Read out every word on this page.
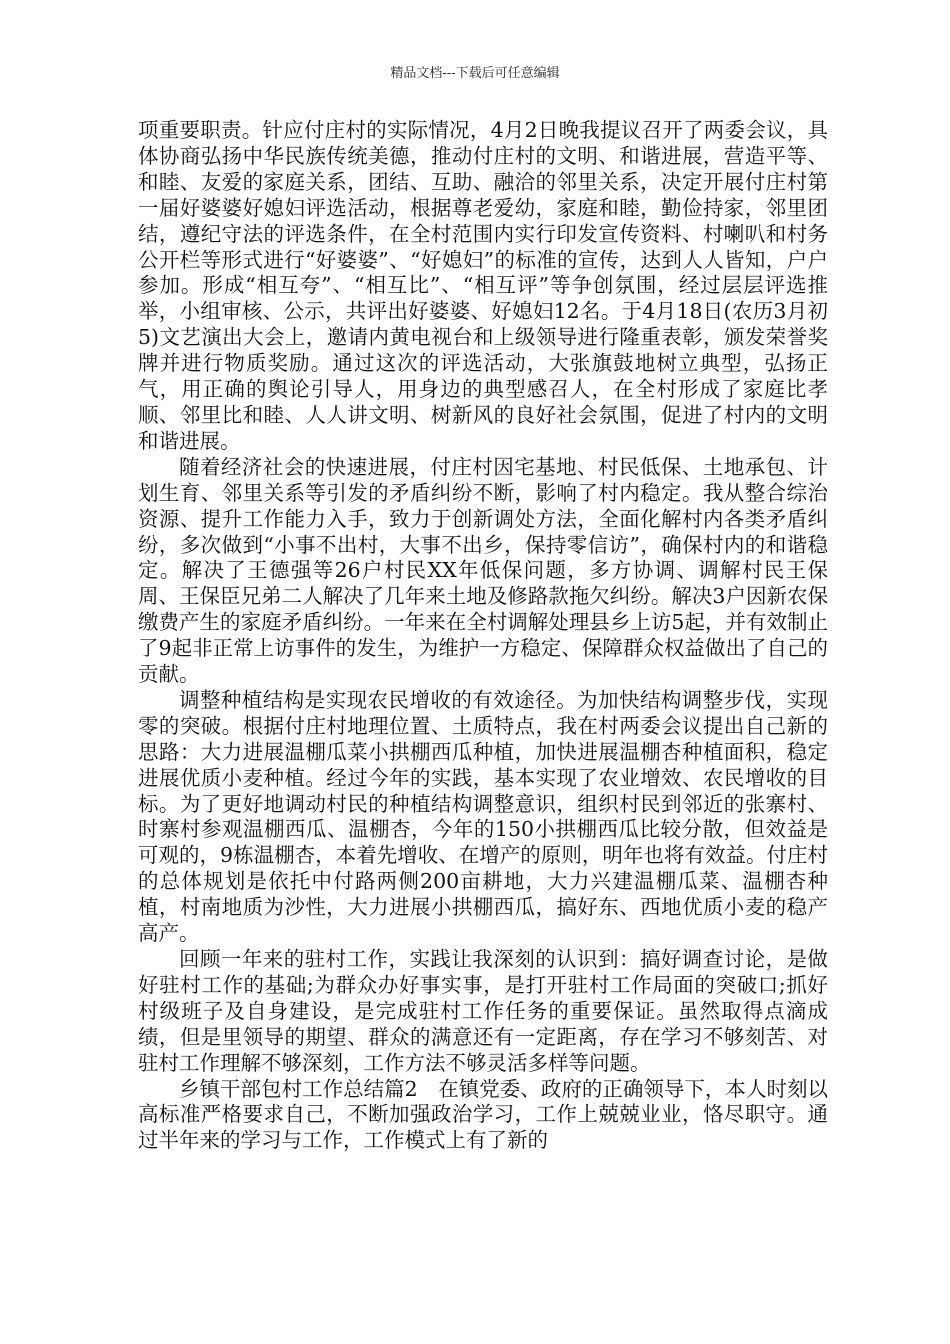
精品文档---下载后可任意编辑

项重要职责。针应付庄村的实际情况，4月2日晚我提议召开了两委会议，具体协商弘扬中华民族传统美德，推动付庄村的文明、和谐进展，营造平等、和睦、友爱的家庭关系，团结、互助、融洽的邻里关系，决定开展付庄村第一届好婆婆好媳妇评选活动，根据尊老爱幼，家庭和睦，勤俭持家，邻里团结，遵纪守法的评选条件，在全村范围内实行印发宣传资料、村喇叭和村务公开栏等形式进行“好婆婆”、“好媳妇”的标准的宣传，达到人人皆知，户户参加。形成“相互夸”、“相互比”、“相互评”等争创氛围，经过层层评选推举，小组审核、公示，共评出好婆婆、好媳妇12名。于4月18日(农历3月初5)文艺演出大会上，邀请内黄电视台和上级领导进行隆重表彰，颁发荣誉奖牌并进行物质奖励。通过这次的评选活动，大张旗鼓地树立典型，弘扬正气，用正确的舆论引导人，用身边的典型感召人，在全村形成了家庭比孝顺、邻里比和睦、人人讲文明、树新风的良好社会氛围，促进了村内的文明和谐进展。

随着经济社会的快速进展，付庄村因宅基地、村民低保、土地承包、计划生育、邻里关系等引发的矛盾纠纷不断，影响了村内稳定。我从整合综治资源、提升工作能力入手，致力于创新调处方法，全面化解村内各类矛盾纠纷，多次做到“小事不出村，大事不出乡，保持零信访”，确保村内的和谐稳定。解决了王德强等26户村民XX年低保问题，多方协调、调解村民王保周、王保臣兄弟二人解决了几年来土地及修路款拖欠纠纷。解决3户因新农保缴费产生的家庭矛盾纠纷。一年来在全村调解处理县乡上访5起，并有效制止了9起非正常上访事件的发生，为维护一方稳定、保障群众权益做出了自己的贡献。

调整种植结构是实现农民增收的有效途径。为加快结构调整步伐，实现零的突破。根据付庄村地理位置、土质特点，我在村两委会议提出自己新的思路：大力进展温棚瓜菜小拱棚西瓜种植，加快进展温棚杏种植面积，稳定进展优质小麦种植。经过今年的实践，基本实现了农业增效、农民增收的目标。为了更好地调动村民的种植结构调整意识，组织村民到邻近的张寨村、时寨村参观温棚西瓜、温棚杏，今年的150小拱棚西瓜比较分散，但效益是可观的，9栋温棚杏，本着先增收、在增产的原则，明年也将有效益。付庄村的总体规划是依托中付路两侧200亩耕地，大力兴建温棚瓜菜、温棚杏种植，村南地质为沙性，大力进展小拱棚西瓜，搞好东、西地优质小麦的稳产高产。

回顾一年来的驻村工作，实践让我深刻的认识到：搞好调查讨论，是做好驻村工作的基础;为群众办好事实事，是打开驻村工作局面的突破口;抓好村级班子及自身建设，是完成驻村工作任务的重要保证。虽然取得点滴成绩，但是里领导的期望、群众的满意还有一定距离，存在学习不够刻苦、对驻村工作理解不够深刻，工作方法不够灵活多样等问题。

乡镇干部包村工作总结篇2　在镇党委、政府的正确领导下，本人时刻以高标准严格要求自己，不断加强政治学习，工作上兢兢业业，恪尽职守。通过半年来的学习与工作，工作模式上有了新的
